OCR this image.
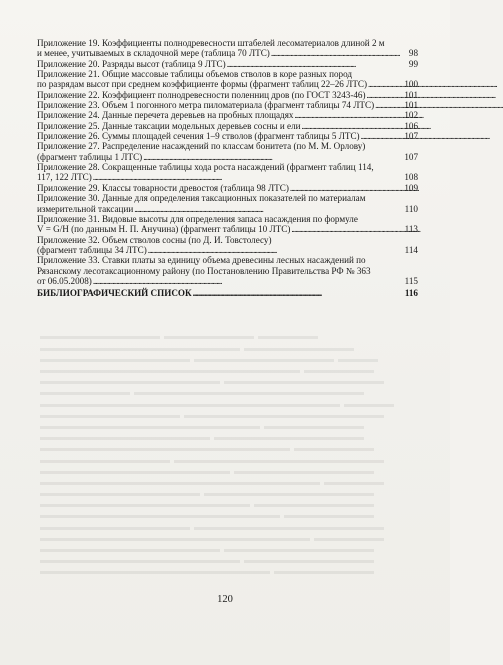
Приложение 19. Коэффициенты полнодревесности штабелей лесоматериалов длиной 2 м
и менее, учитываемых в складочной мере (таблица 70 ЛТС) . . .	98
Приложение 20. Разряды высот (таблица 9 ЛТС) . . .	99
Приложение 21. Общие массовые таблицы объемов стволов в коре разных пород
по разрядам высот при среднем коэффициенте формы (фрагмент таблиц 22–26 ЛТС) . . .	100
Приложение 22. Коэффициент полнодревесности поленниц дров (по ГОСТ 3243-46) . . .	101
Приложение 23. Объем 1 погонного метра пиломатериала (фрагмент таблицы 74 ЛТС) . . .	101
Приложение 24. Данные перечета деревьев на пробных площадях . . .	102
Приложение 25. Данные таксации модельных деревьев сосны и ели . . .	106
Приложение 26. Суммы площадей сечения 1–9 стволов (фрагмент таблицы 5 ЛТС) . . .	107
Приложение 27. Распределение насаждений по классам бонитета (по М. М. Орлову)
(фрагмент таблицы 1 ЛТС) . . .	107
Приложение 28. Сокращенные таблицы хода роста насаждений (фрагмент таблиц 114,
117, 122 ЛТС) . . .	108
Приложение 29. Классы товарности древостоя (таблица 98 ЛТС) . . .	109
Приложение 30. Данные для определения таксационных показателей по материалам
измерительной таксации . . .	110
Приложение 31. Видовые высоты для определения запаса насаждения по формуле
V = G/H (по данным Н. П. Анучина) (фрагмент таблицы 10 ЛТС) . . .	113
Приложение 32. Объем стволов сосны (по Д. И. Товстолесу)
(фрагмент таблицы 34 ЛТС) . . .	114
Приложение 33. Ставки платы за единицу объема древесины лесных насаждений по
Рязанскому лесотаксационному району (по Постановлению Правительства РФ № 363
от 06.05.2008) . . .	115
БИБЛИОГРАФИЧЕСКИЙ СПИСОК . . .	116
120
